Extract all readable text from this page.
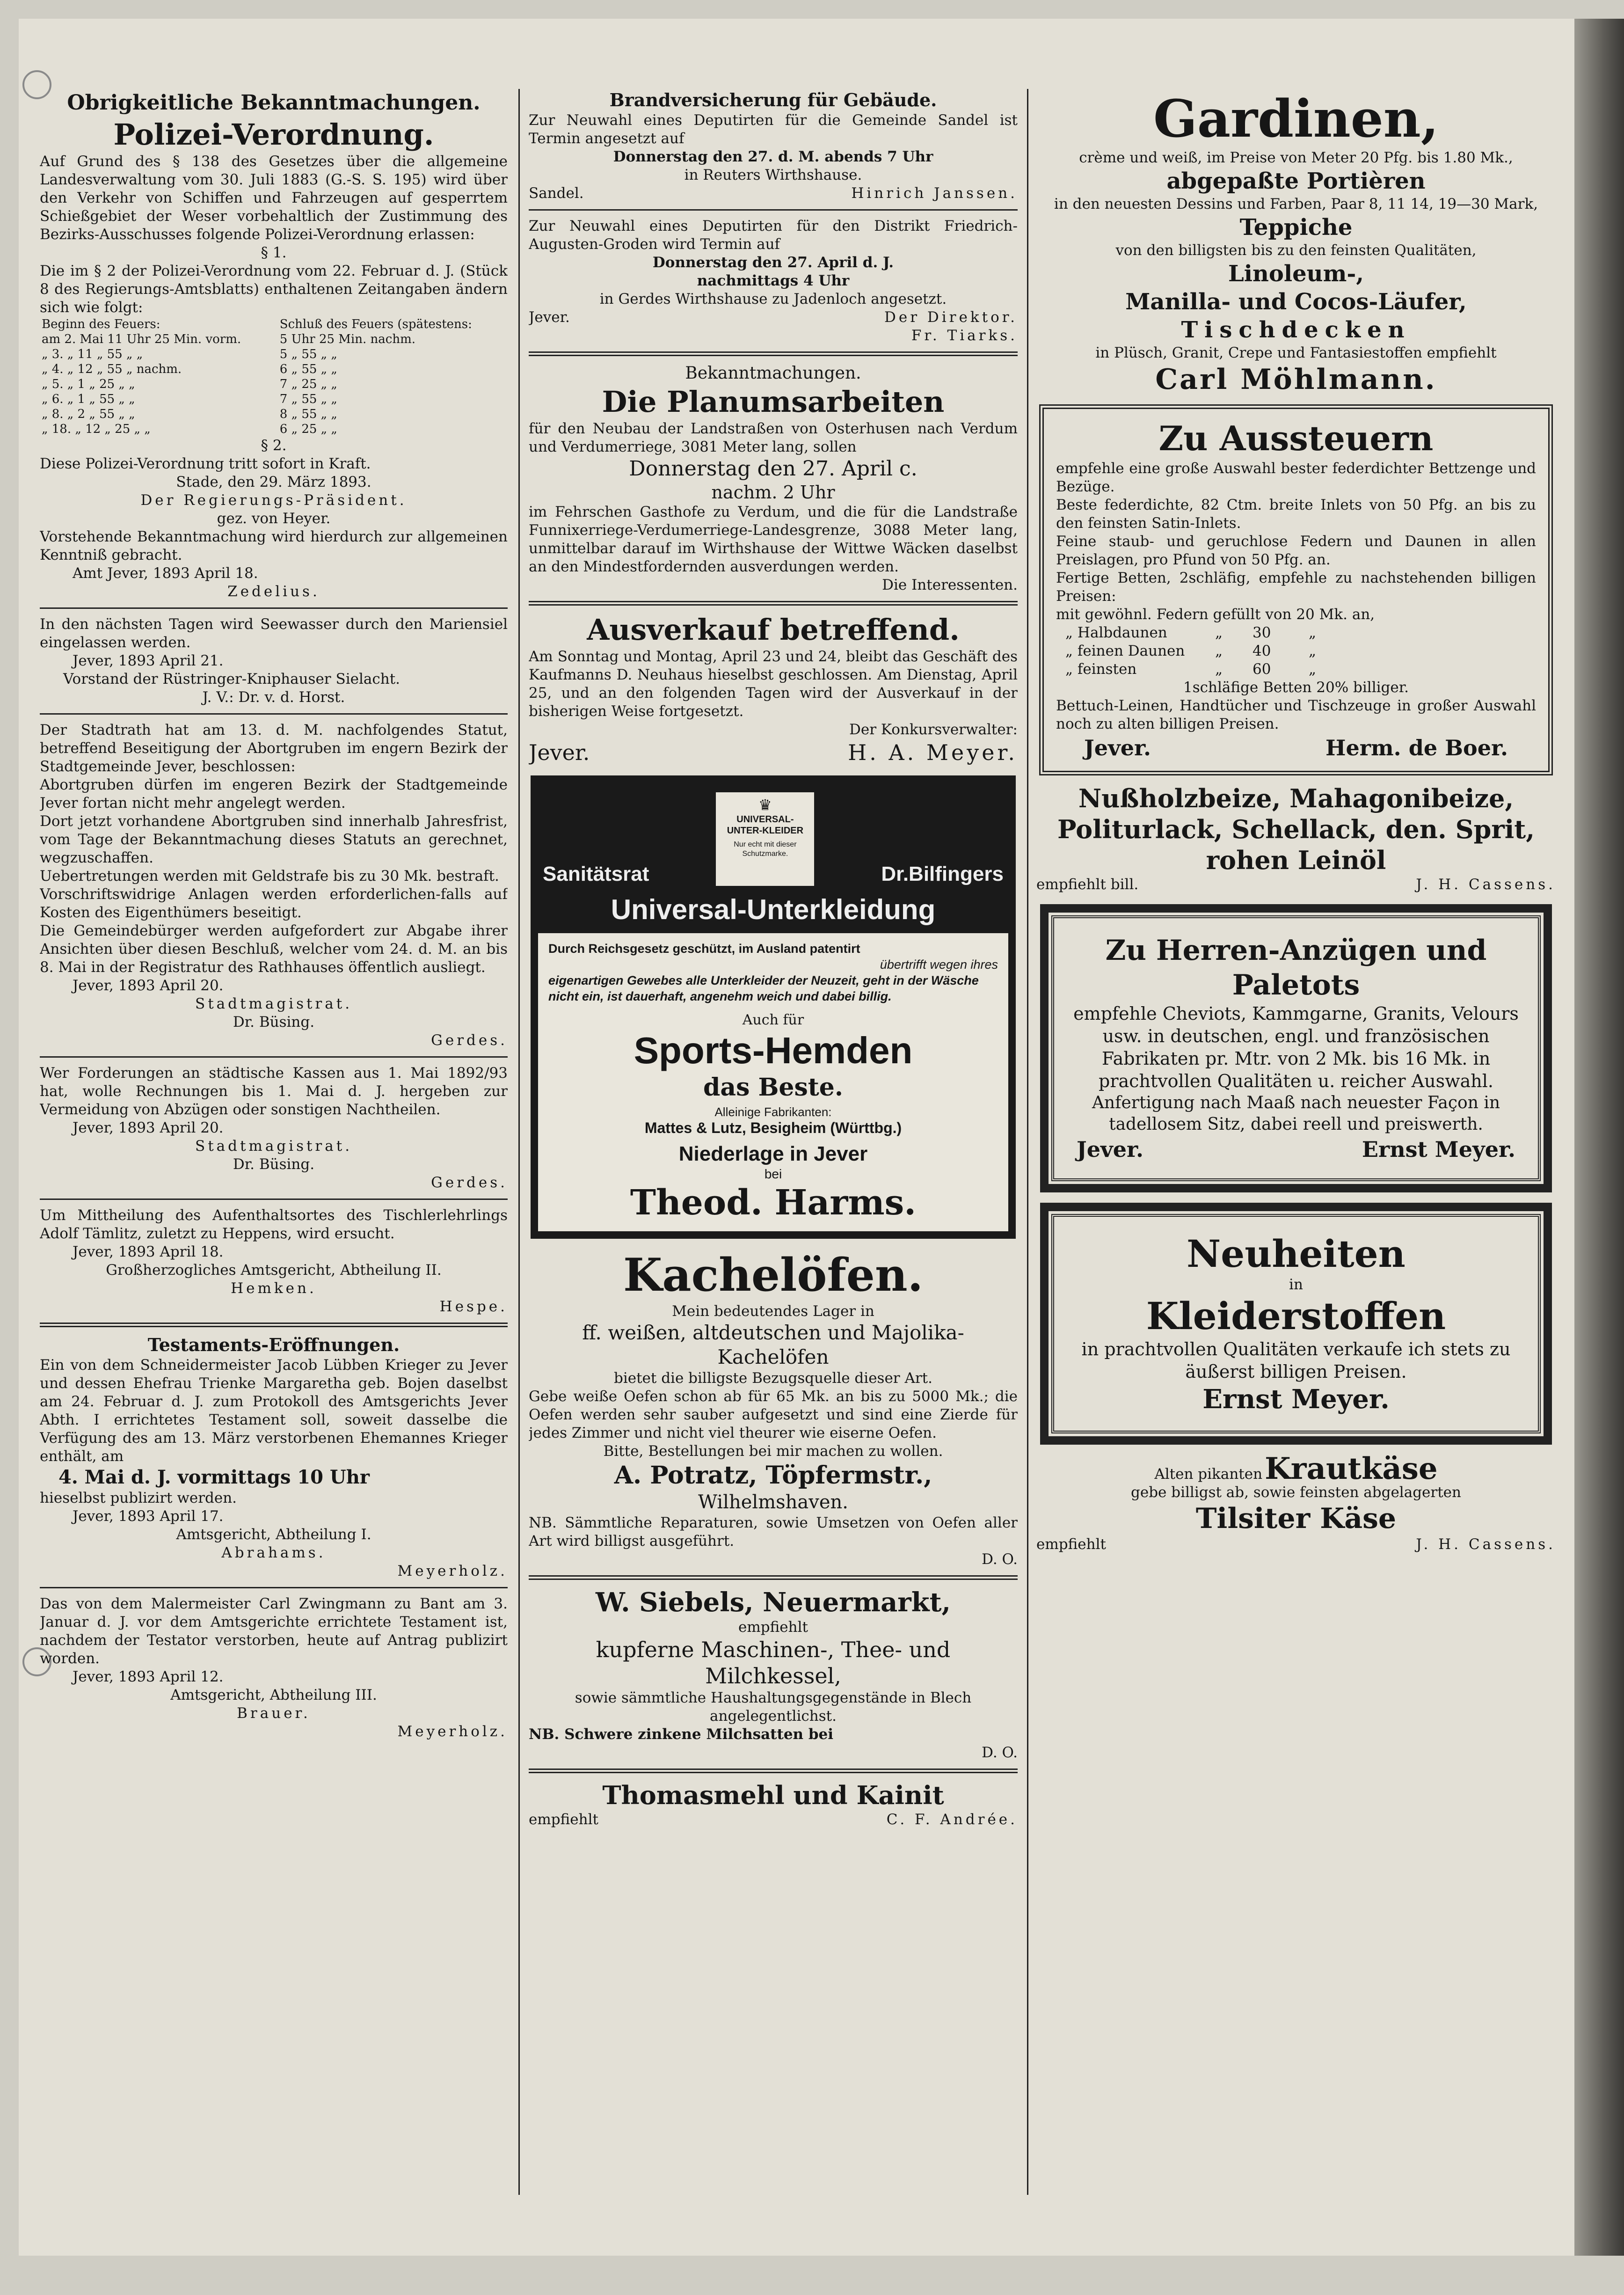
Obrigkeitliche Bekanntmachungen.

Polizei-Verordnung.

Auf Grund des § 138 des Gesetzes über die allgemeine Landesverwaltung vom 30. Juli 1883 (G.-S. S. 195) wird über den Verkehr von Schiffen und Fahrzeugen auf gesperrtem Schießgebiet der Weser vorbehaltlich der Zustimmung des Bezirks-Ausschusses folgende Polizei-Verordnung erlassen:

§ 1.

Die im § 2 der Polizei-Verordnung vom 22. Februar d. J. (Stück 8 des Regierungs-Amtsblatts) enthaltenen Zeitangaben ändern sich wie folgt:

Beginn des Feuers:	Schluß des Feuers (spätestens:
am 2. Mai 11 Uhr 25 Min. vorm.	5 Uhr 25 Min. nachm.
„ 3. „ 11 „ 55 „ „	5 „ 55 „ „
„ 4. „ 12 „ 55 „ nachm.	6 „ 55 „ „
„ 5. „ 1 „ 25 „ „	7 „ 25 „ „
„ 6. „ 1 „ 55 „ „	7 „ 55 „ „
„ 8. „ 2 „ 55 „ „	8 „ 55 „ „
„ 18. „ 12 „ 25 „ „	6 „ 25 „ „

§ 2.

Diese Polizei-Verordnung tritt sofort in Kraft.

Stade, den 29. März 1893.

Der Regierungs-Präsident.

gez. von Heyer.

Vorstehende Bekanntmachung wird hierdurch zur allgemeinen Kenntniß gebracht.

Amt Jever, 1893 April 18.

Zedelius.

In den nächsten Tagen wird Seewasser durch den Mariensiel eingelassen werden.

Jever, 1893 April 21.

Vorstand der Rüstringer-Kniphauser Sielacht.

J. V.: Dr. v. d. Horst.

Der Stadtrath hat am 13. d. M. nachfolgendes Statut, betreffend Beseitigung der Abortgruben im engern Bezirk der Stadtgemeinde Jever, beschlossen:

Abortgruben dürfen im engeren Bezirk der Stadtgemeinde Jever fortan nicht mehr angelegt werden.

Dort jetzt vorhandene Abortgruben sind innerhalb Jahresfrist, vom Tage der Bekanntmachung dieses Statuts an gerechnet, wegzuschaffen.

Uebertretungen werden mit Geldstrafe bis zu 30 Mk. bestraft.

Vorschriftswidrige Anlagen werden erforderlichen-falls auf Kosten des Eigenthümers beseitigt.

Die Gemeindebürger werden aufgefordert zur Abgabe ihrer Ansichten über diesen Beschluß, welcher vom 24. d. M. an bis 8. Mai in der Registratur des Rathhauses öffentlich ausliegt.

Jever, 1893 April 20.

Stadtmagistrat.

Dr. Büsing.

Gerdes.

Wer Forderungen an städtische Kassen aus 1. Mai 1892/93 hat, wolle Rechnungen bis 1. Mai d. J. hergeben zur Vermeidung von Abzügen oder sonstigen Nachtheilen.

Jever, 1893 April 20.

Stadtmagistrat.

Dr. Büsing.

Gerdes.

Um Mittheilung des Aufenthaltsortes des Tischlerlehrlings Adolf Tämlitz, zuletzt zu Heppens, wird ersucht.

Jever, 1893 April 18.

Großherzogliches Amtsgericht, Abtheilung II.

Hemken.

Hespe.

Testaments-Eröffnungen.

Ein von dem Schneidermeister Jacob Lübben Krieger zu Jever und dessen Ehefrau Trienke Margaretha geb. Bojen daselbst am 24. Februar d. J. zum Protokoll des Amtsgerichts Jever Abth. I errichtetes Testament soll, soweit dasselbe die Verfügung des am 13. März verstorbenen Ehemannes Krieger enthält, am

4. Mai d. J. vormittags 10 Uhr

hieselbst publizirt werden.

Jever, 1893 April 17.

Amtsgericht, Abtheilung I.

Abrahams.

Meyerholz.

Das von dem Malermeister Carl Zwingmann zu Bant am 3. Januar d. J. vor dem Amtsgerichte errichtete Testament ist, nachdem der Testator verstorben, heute auf Antrag publizirt worden.

Jever, 1893 April 12.

Amtsgericht, Abtheilung III.

Brauer.

Meyerholz.

Brandversicherung für Gebäude.

Zur Neuwahl eines Deputirten für die Gemeinde Sandel ist Termin angesetzt auf

Donnerstag den 27. d. M. abends 7 Uhr

in Reuters Wirthshause.

Sandel.	Hinrich Janssen.

Zur Neuwahl eines Deputirten für den Distrikt Friedrich-Augusten-Groden wird Termin auf

Donnerstag den 27. April d. J.

nachmittags 4 Uhr

in Gerdes Wirthshause zu Jadenloch angesetzt.

Jever.	Der Direktor.

Fr. Tiarks.

Bekanntmachungen.

Die Planumsarbeiten

für den Neubau der Landstraßen von Osterhusen nach Verdum und Verdumerriege, 3081 Meter lang, sollen

Donnerstag den 27. April c.

nachm. 2 Uhr

im Fehrschen Gasthofe zu Verdum, und die für die Landstraße Funnixerriege-Verdumerriege-Landesgrenze, 3088 Meter lang, unmittelbar darauf im Wirthshause der Wittwe Wäcken daselbst an den Mindestfordernden ausverdungen werden.

Die Interessenten.

Ausverkauf betreffend.

Am Sonntag und Montag, April 23 und 24, bleibt das Geschäft des Kaufmanns D. Neuhaus hieselbst geschlossen. Am Dienstag, April 25, und an den folgenden Tagen wird der Ausverkauf in der bisherigen Weise fortgesetzt.

Der Konkursverwalter:

Jever.	H. A. Meyer.
Sanitätsrat
♛
UNIVERSAL-UNTER-KLEIDER
Nur echt mit dieser Schutzmarke.
Dr.Bilfingers
Universal-Unterkleidung

Durch Reichsgesetz geschützt, im Ausland patentirt

übertrifft wegen ihres

eigenartigen Gewebes alle Unterkleider der Neuzeit, geht in der Wäsche nicht ein, ist dauerhaft, angenehm weich und dabei billig.

Auch für

Sports-Hemden

das Beste.

Alleinige Fabrikanten:

Mattes & Lutz, Besigheim (Württbg.)

Niederlage in Jever

bei

Theod. Harms.

Kachelöfen.

Mein bedeutendes Lager in

ff. weißen, altdeutschen und Majolika-Kachelöfen

bietet die billigste Bezugsquelle dieser Art.

Gebe weiße Oefen schon ab für 65 Mk. an bis zu 5000 Mk.; die Oefen werden sehr sauber aufgesetzt und sind eine Zierde für jedes Zimmer und nicht viel theurer wie eiserne Oefen.

Bitte, Bestellungen bei mir machen zu wollen.

A. Potratz, Töpfermstr.,

Wilhelmshaven.

NB. Sämmtliche Reparaturen, sowie Umsetzen von Oefen aller Art wird billigst ausgeführt.

D. O.

W. Siebels, Neuermarkt,

empfiehlt

kupferne Maschinen-, Thee- und Milchkessel,

sowie sämmtliche Haushaltungsgegenstände in Blech angelegentlichst.

NB. Schwere zinkene Milchsatten bei

D. O.

Thomasmehl und Kainit

empfiehlt	C. F. Andrée.

Gardinen,

crème und weiß, im Preise von Meter 20 Pfg. bis 1.80 Mk.,

abgepaßte Portièren

in den neuesten Dessins und Farben, Paar 8, 11 14, 19—30 Mark,

Teppiche

von den billigsten bis zu den feinsten Qualitäten,

Linoleum-,

Manilla- und Cocos-Läufer,

Tischdecken

in Plüsch, Granit, Crepe und Fantasiestoffen empfiehlt

Carl Möhlmann.

Zu Aussteuern

empfehle eine große Auswahl bester federdichter Bettzenge und Bezüge.

Beste federdichte, 82 Ctm. breite Inlets von 50 Pfg. an bis zu den feinsten Satin-Inlets.

Feine staub- und geruchlose Federn und Daunen in allen Preislagen, pro Pfund von 50 Pfg. an.

Fertige Betten, 2schläfig, empfehle zu nachstehenden billigen Preisen:

mit gewöhnl. Federn gefüllt von 20 Mk. an,

„ Halbdaunen	„	30	„
„ feinen Daunen	„	40	„
„ feinsten	„	60	„

1schläfige Betten 20% billiger.

Bettuch-Leinen, Handtücher und Tischzeuge in großer Auswahl noch zu alten billigen Preisen.

Jever.	Herm. de Boer.

Nußholzbeize, Mahagonibeize, Politurlack, Schellack, den. Sprit, rohen Leinöl

empfiehlt bill.	J. H. Cassens.

Zu Herren-Anzügen und Paletots

empfehle Cheviots, Kammgarne, Granits, Velours usw. in deutschen, engl. und französischen Fabrikaten pr. Mtr. von 2 Mk. bis 16 Mk. in prachtvollen Qualitäten u. reicher Auswahl.

Anfertigung nach Maaß nach neuester Façon in tadellosem Sitz, dabei reell und preiswerth.

Jever.	Ernst Meyer.

Neuheiten

in

Kleiderstoffen

in prachtvollen Qualitäten verkaufe ich stets zu äußerst billigen Preisen.

Ernst Meyer.

Alten pikanten Krautkäse

gebe billigst ab, sowie feinsten abgelagerten

Tilsiter Käse

empfiehlt	J. H. Cassens.
